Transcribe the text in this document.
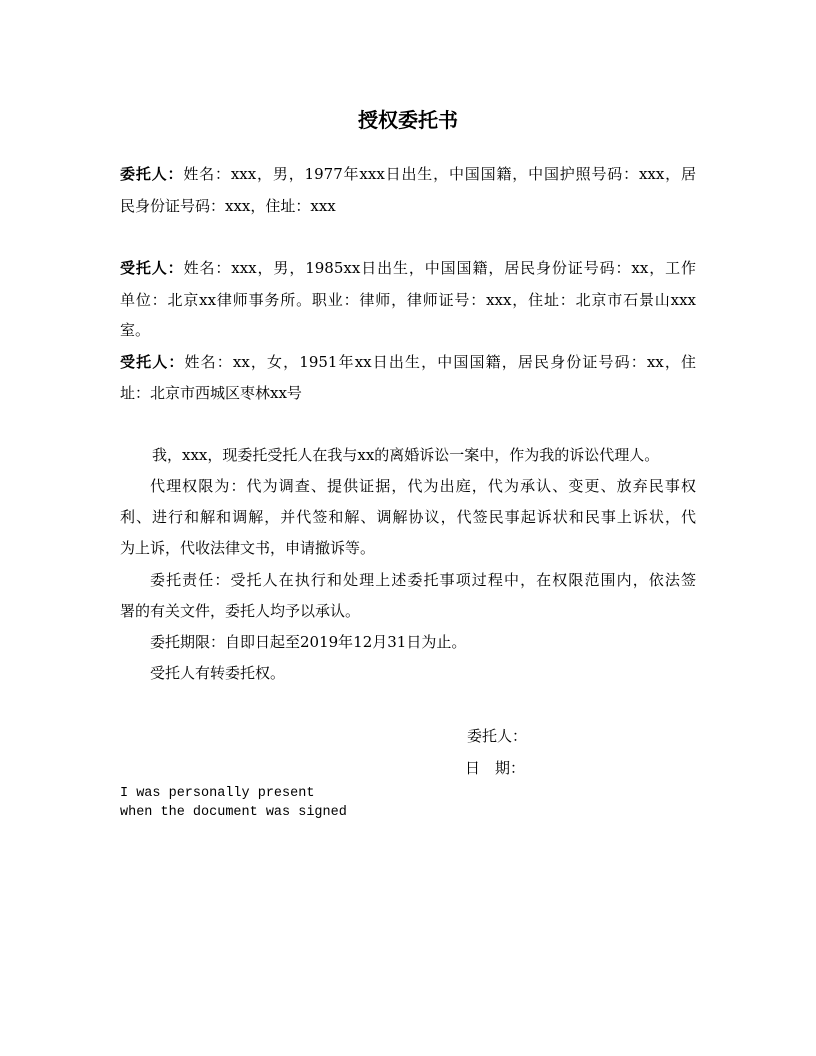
授权委托书
委托人：姓名：xxx，男，1977年xxx日出生，中国国籍，中国护照号码：xxx，居
民身份证号码：xxx，住址：xxx
受托人：姓名：xxx，男，1985xx日出生，中国国籍，居民身份证号码：xx，工作
单位：北京xx律师事务所。职业：律师，律师证号：xxx，住址：北京市石景山xxx
室。
受托人：姓名：xx，女，1951年xx日出生，中国国籍，居民身份证号码：xx，住
址：北京市西城区枣林xx号
我，xxx，现委托受托人在我与xx的离婚诉讼一案中，作为我的诉讼代理人。
代理权限为：代为调查、提供证据，代为出庭，代为承认、变更、放弃民事权
利、进行和解和调解，并代签和解、调解协议，代签民事起诉状和民事上诉状，代
为上诉，代收法律文书，申请撤诉等。
委托责任：受托人在执行和处理上述委托事项过程中，在权限范围内，依法签
署的有关文件，委托人均予以承认。
委托期限：自即日起至2019年12月31日为止。
受托人有转委托权。
委托人：
日　期：
I was personally present
when the document was signed
